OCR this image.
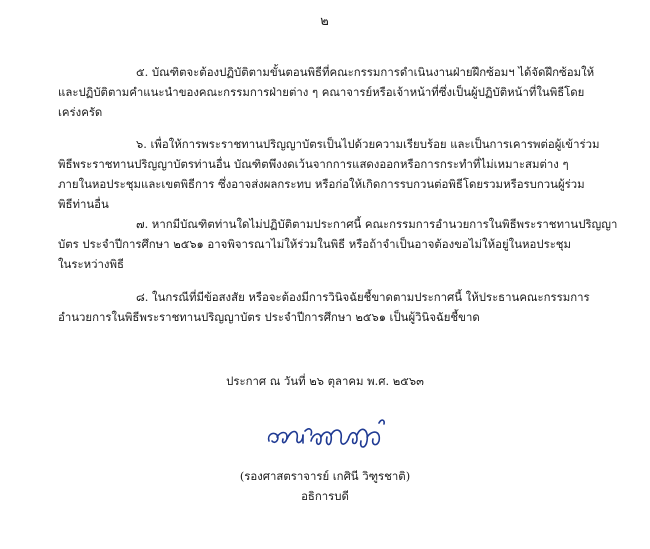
๒
๕. บัณฑิตจะต้องปฏิบัติตามขั้นตอนพิธีที่คณะกรรมการดำเนินงานฝ่ายฝึกซ้อมฯ ได้จัดฝึกซ้อมให้
และปฏิบัติตามคำแนะนำของคณะกรรมการฝ่ายต่าง ๆ คณาจารย์หรือเจ้าหน้าที่ซึ่งเป็นผู้ปฏิบัติหน้าที่ในพิธีโดย
เคร่งครัด
๖. เพื่อให้การพระราชทานปริญญาบัตรเป็นไปด้วยความเรียบร้อย และเป็นการเคารพต่อผู้เข้าร่วม
พิธีพระราชทานปริญญาบัตรท่านอื่น บัณฑิตพึงงดเว้นจากการแสดงออกหรือการกระทำที่ไม่เหมาะสมต่าง ๆ
ภายในหอประชุมและเขตพิธีการ ซึ่งอาจส่งผลกระทบ หรือก่อให้เกิดการรบกวนต่อพิธีโดยรวมหรือรบกวนผู้ร่วม
พิธีท่านอื่น
๗. หากมีบัณฑิตท่านใดไม่ปฏิบัติตามประกาศนี้ คณะกรรมการอำนวยการในพิธีพระราชทานปริญญา
บัตร ประจำปีการศึกษา ๒๕๖๑ อาจพิจารณาไม่ให้ร่วมในพิธี หรือถ้าจำเป็นอาจต้องขอไม่ให้อยู่ในหอประชุม
ในระหว่างพิธี
๘. ในกรณีที่มีข้อสงสัย หรือจะต้องมีการวินิจฉัยชี้ขาดตามประกาศนี้ ให้ประธานคณะกรรมการ
อำนวยการในพิธีพระราชทานปริญญาบัตร ประจำปีการศึกษา ๒๕๖๑ เป็นผู้วินิจฉัยชี้ขาด
ประกาศ ณ วันที่ ๒๖ ตุลาคม พ.ศ. ๒๕๖๓
(รองศาสตราจารย์ เกศินี วิฑูรชาติ)
อธิการบดี
